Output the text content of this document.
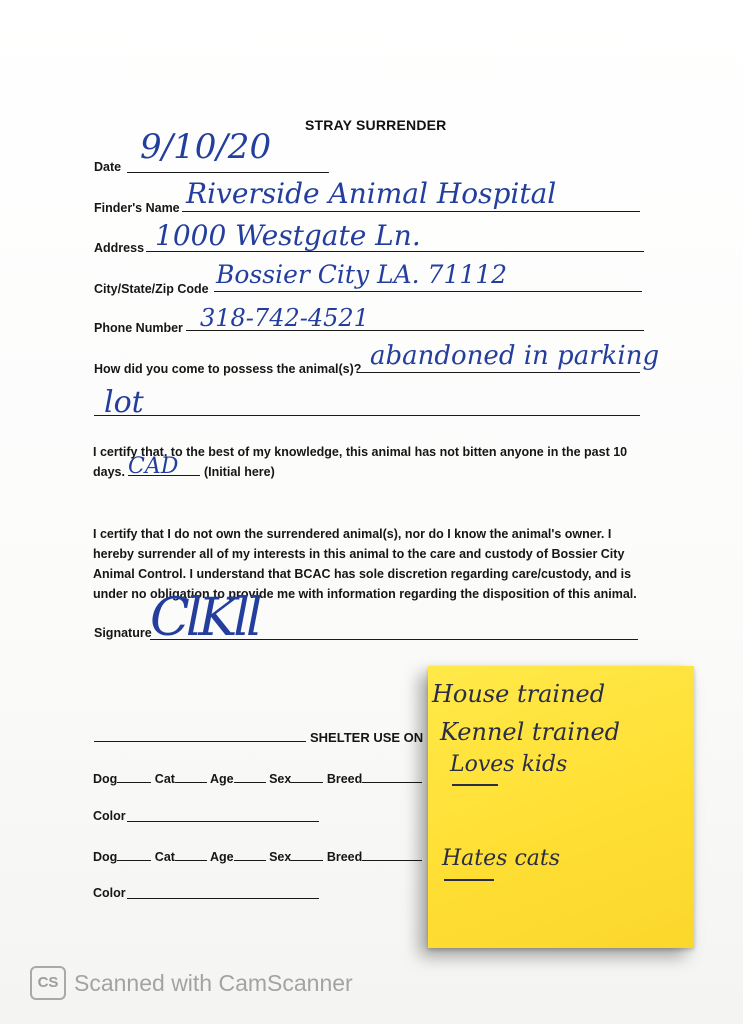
STRAY SURRENDER
Date 9/10/20
Finder's Name Riverside Animal Hospital
Address 1000 Westgate Ln.
City/State/Zip Code Bossier City LA. 71112
Phone Number 318-742-4521
How did you come to possess the animal(s)? abandoned in parking
lot
I certify that, to the best of my knowledge, this animal has not bitten anyone in the past 10
days.	(Initial here)
CAD
I certify that I do not own the surrendered animal(s), nor do I know the animal's owner. I hereby surrender all of my interests in this animal to the care and custody of Bossier City Animal Control. I understand that BCAC has sole discretion regarding care/custody, and is under no obligation to provide me with information regarding the disposition of this animal.
Signature
ClKll
SHELTER USE ON
Dog	Cat	Age	Sex	Breed
Color
Dog	Cat	Age	Sex	Breed
Color
House trained
Kennel trained
Loves kids
Hates cats
CS Scanned with CamScanner
